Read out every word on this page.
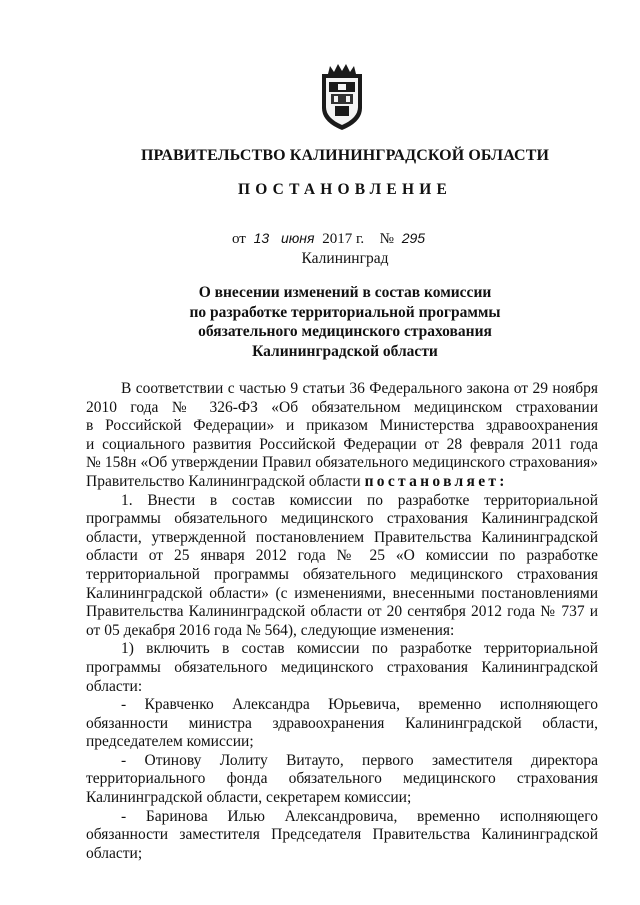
ПРАВИТЕЛЬСТВО КАЛИНИНГРАДСКОЙ ОБЛАСТИ
ПОСТАНОВЛЕНИЕ
от 13 июня 2017 г. № 295
Калининград
О внесении изменений в состав комиссии
по разработке территориальной программы
обязательного медицинского страхования
Калининградской области

В соответствии с частью 9 статьи 36 Федерального закона от 29 ноября

2010 года № 326-ФЗ «Об обязательном медицинском страховании

в Российской Федерации» и приказом Министерства здравоохранения

и социального развития Российской Федерации от 28 февраля 2011 года

№ 158н «Об утверждении Правил обязательного медицинского страхования»

Правительство Калининградской области постановляет:

1. Внести в состав комиссии по разработке территориальной

программы обязательного медицинского страхования Калининградской

области, утвержденной постановлением Правительства Калининградской

области от 25 января 2012 года № 25 «О комиссии по разработке

территориальной программы обязательного медицинского страхования

Калининградской области» (с изменениями, внесенными постановлениями

Правительства Калининградской области от 20 сентября 2012 года № 737 и

от 05 декабря 2016 года № 564), следующие изменения:

1) включить в состав комиссии по разработке территориальной

программы обязательного медицинского страхования Калининградской

области:

- Кравченко Александра Юрьевича, временно исполняющего

обязанности министра здравоохранения Калининградской области,

председателем комиссии;

- Отинову Лолиту Витауто, первого заместителя директора

территориального фонда обязательного медицинского страхования

Калининградской области, секретарем комиссии;

- Баринова Илью Александровича, временно исполняющего

обязанности заместителя Председателя Правительства Калининградской

области;
